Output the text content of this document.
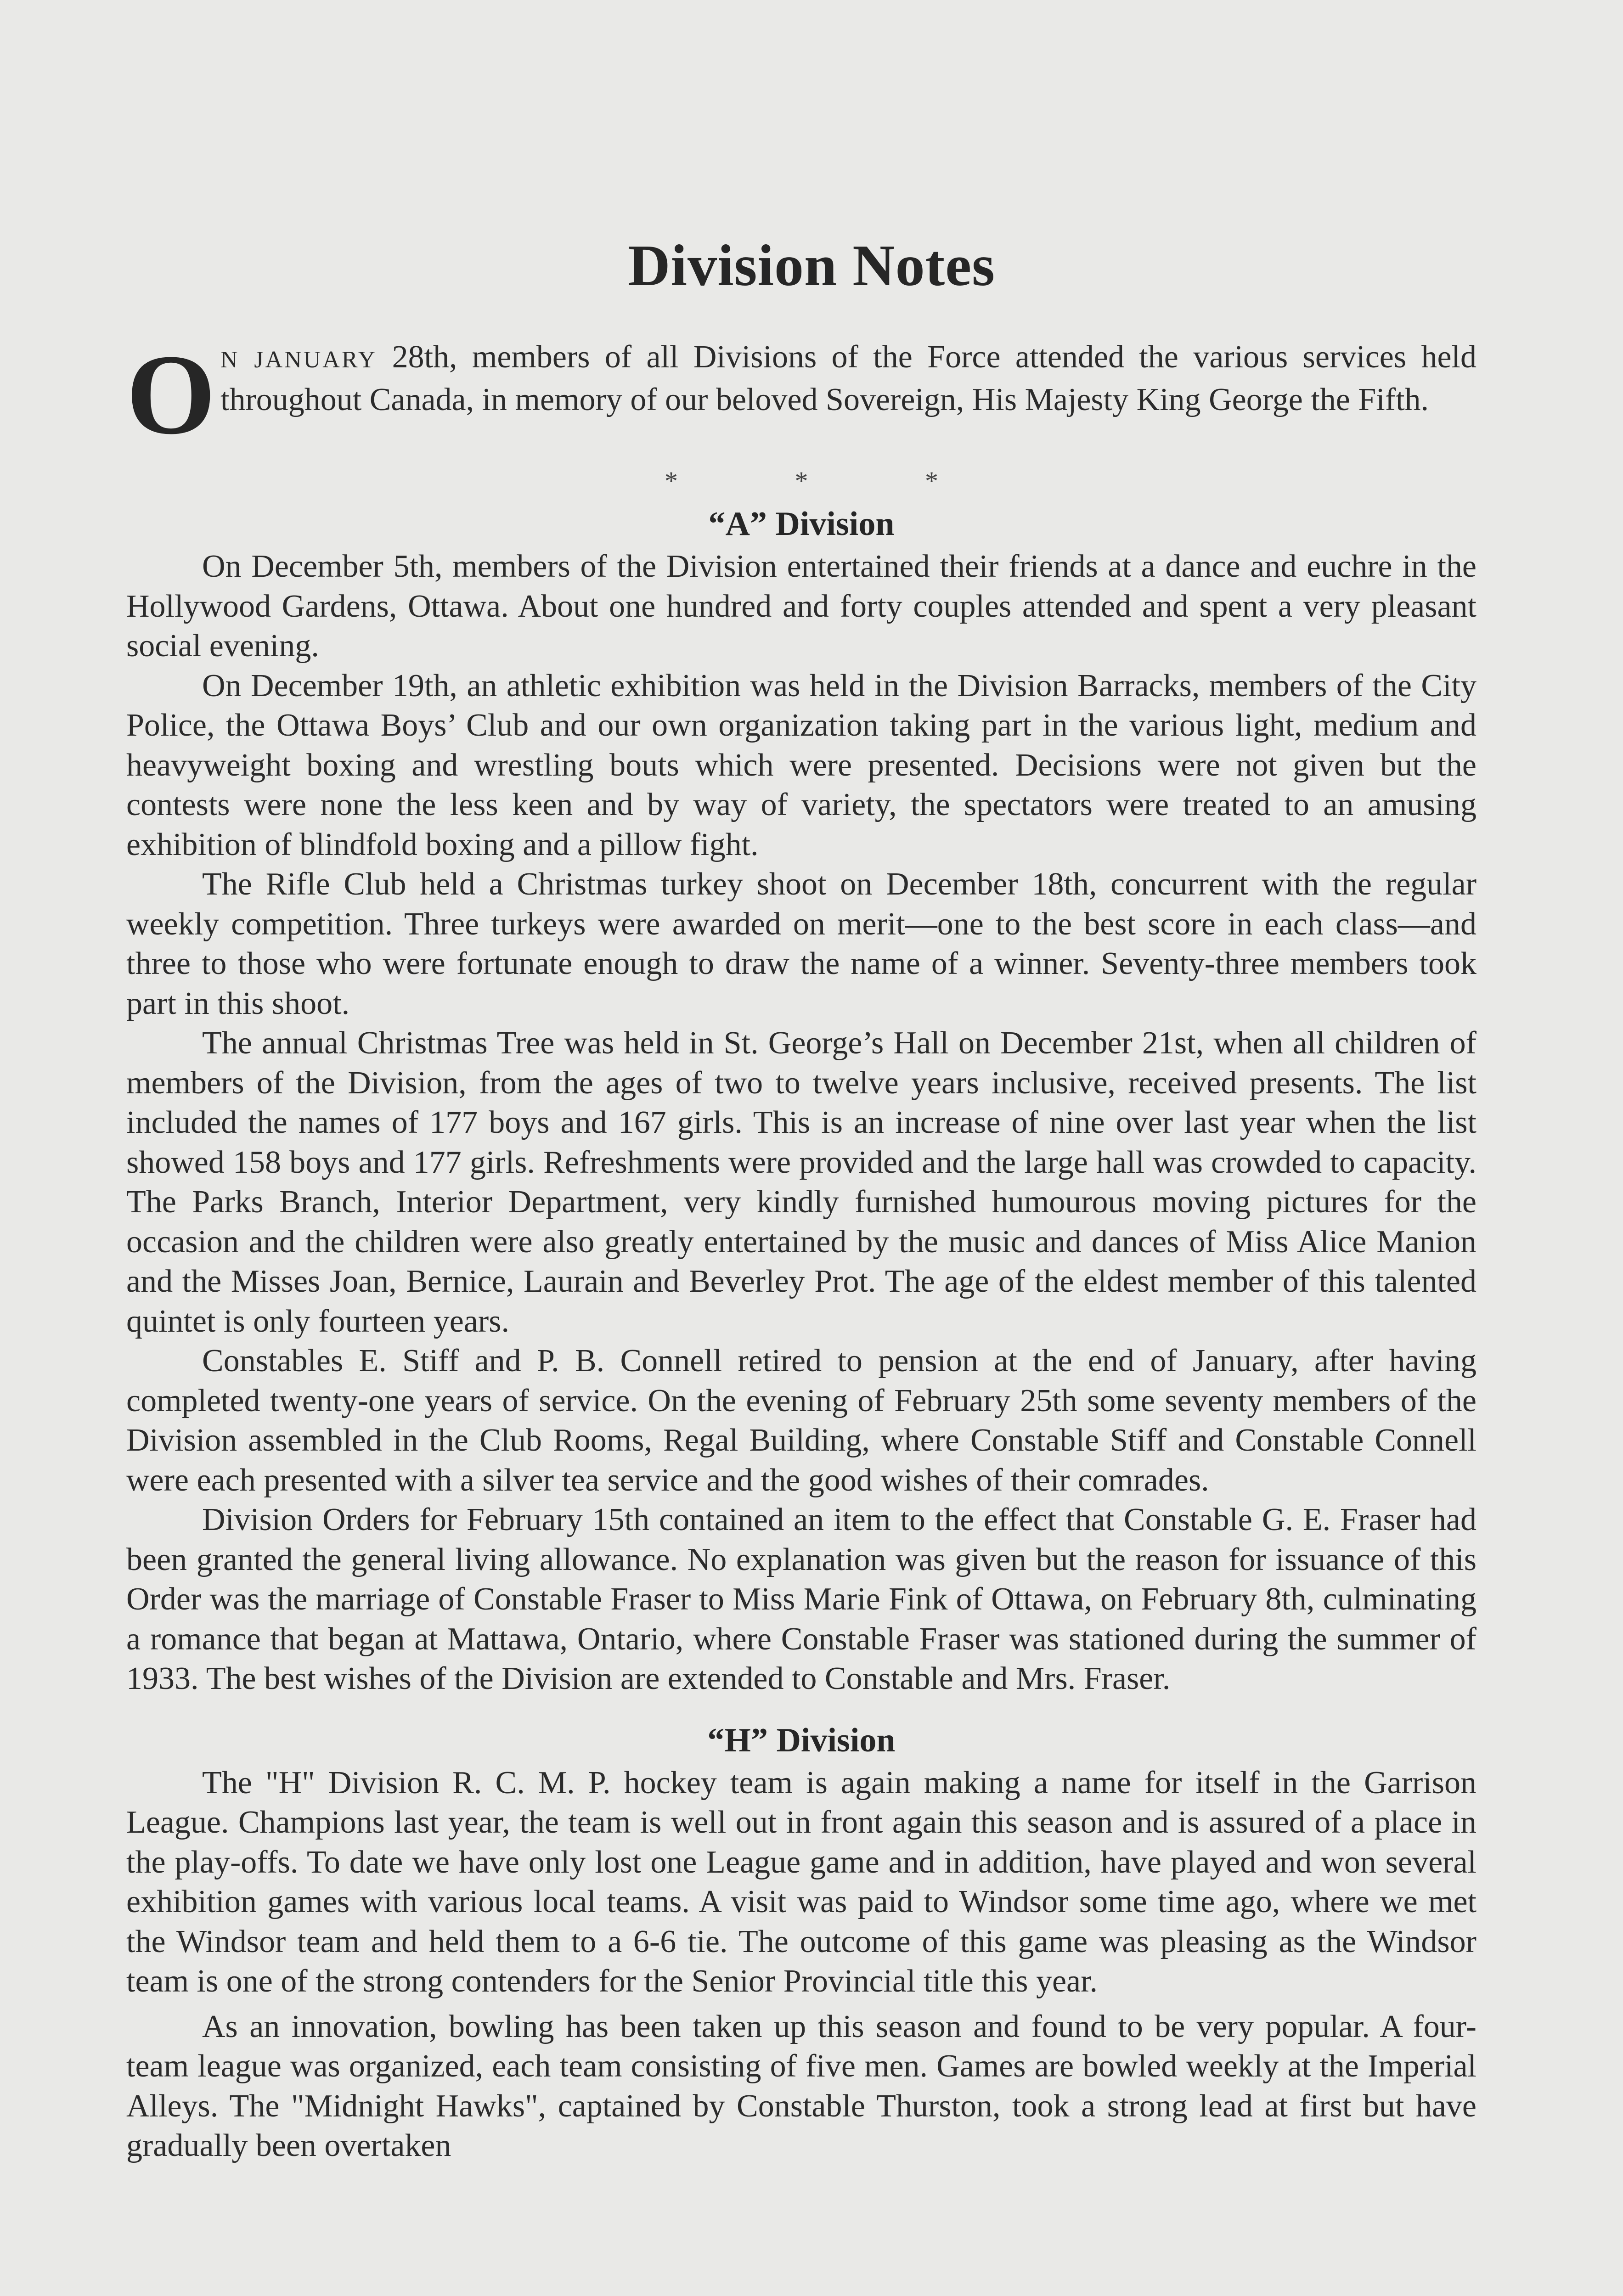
Division Notes
O N JANUARY 28th, members of all Divisions of the Force attended the various services held throughout Canada, in memory of our beloved Sovereign, His Majesty King George the Fifth.
* * *
“A” Division

On December 5th, members of the Division entertained their friends at a dance and euchre in the Hollywood Gardens, Ottawa. About one hundred and forty couples attended and spent a very pleasant social evening.

On December 19th, an athletic exhibition was held in the Division Barracks, members of the City Police, the Ottawa Boys’ Club and our own organization taking part in the various light, medium and heavyweight boxing and wrestling bouts which were presented. Decisions were not given but the contests were none the less keen and by way of variety, the spectators were treated to an amusing exhibition of blindfold boxing and a pillow fight.

The Rifle Club held a Christmas turkey shoot on December 18th, concurrent with the regular weekly competition. Three turkeys were awarded on merit—one to the best score in each class—and three to those who were fortunate enough to draw the name of a winner. Seventy-three members took part in this shoot.

The annual Christmas Tree was held in St. George’s Hall on December 21st, when all children of members of the Division, from the ages of two to twelve years inclusive, received presents. The list included the names of 177 boys and 167 girls. This is an increase of nine over last year when the list showed 158 boys and 177 girls. Refreshments were provided and the large hall was crowded to capacity. The Parks Branch, Interior Department, very kindly furnished humourous moving pictures for the occasion and the children were also greatly entertained by the music and dances of Miss Alice Manion and the Misses Joan, Bernice, Laurain and Beverley Prot. The age of the eldest member of this talented quintet is only fourteen years.

Constables E. Stiff and P. B. Connell retired to pension at the end of January, after having completed twenty-one years of service. On the evening of February 25th some seventy members of the Division assembled in the Club Rooms, Regal Building, where Constable Stiff and Constable Connell were each presented with a silver tea service and the good wishes of their comrades.

Division Orders for February 15th contained an item to the effect that Constable G. E. Fraser had been granted the general living allowance. No explanation was given but the reason for issuance of this Order was the marriage of Constable Fraser to Miss Marie Fink of Ottawa, on February 8th, culminating a romance that began at Mattawa, Ontario, where Constable Fraser was stationed during the summer of 1933. The best wishes of the Division are extended to Constable and Mrs. Fraser.

“H” Division

The "H" Division R. C. M. P. hockey team is again making a name for itself in the Garrison League. Champions last year, the team is well out in front again this season and is assured of a place in the play-offs. To date we have only lost one League game and in addition, have played and won several exhibition games with various local teams. A visit was paid to Windsor some time ago, where we met the Windsor team and held them to a 6-6 tie. The outcome of this game was pleasing as the Windsor team is one of the strong contenders for the Senior Provincial title this year.

As an innovation, bowling has been taken up this season and found to be very popular. A four-team league was organized, each team consisting of five men. Games are bowled weekly at the Imperial Alleys. The "Midnight Hawks", captained by Constable Thurston, took a strong lead at first but have gradually been overtaken
